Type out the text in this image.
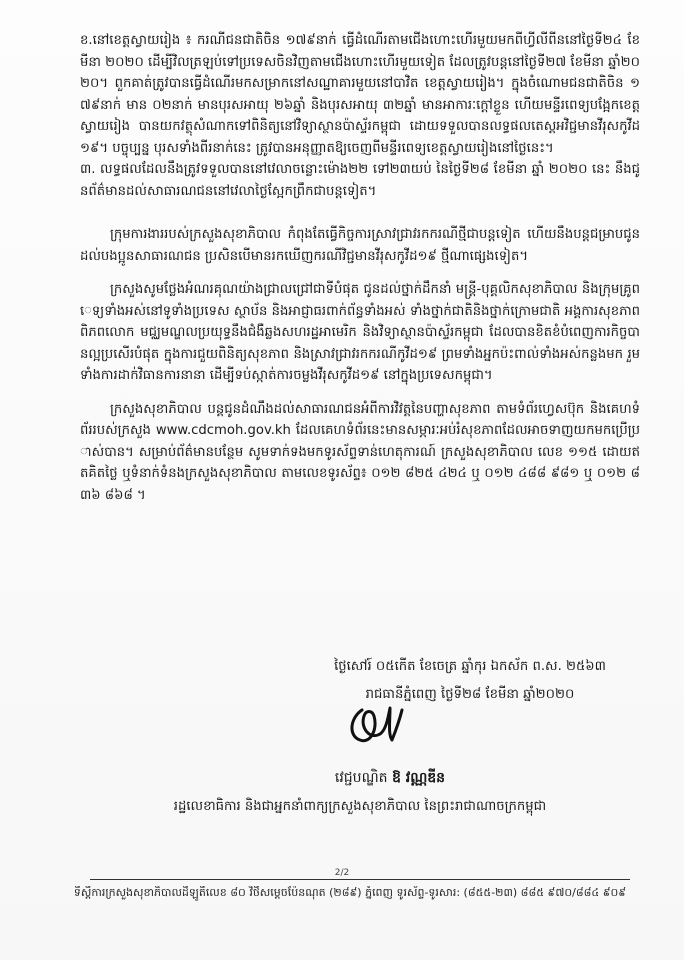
ខ.នៅខេត្តស្វាយរៀង ៖ ករណីជនជាតិចិន ១៧៩នាក់ ធ្វើដំណើរតាមជើងហោះហើរមួយមកពីហ្វីលីពីននៅថ្ងៃទី២៤ ខែមីនា ២០២០ ដើម្បីវិលត្រឡប់ទៅប្រទេសចិនវិញតាមជើងហោះហើរមួយទៀត ដែលត្រូវបន្តនៅថ្ងៃទី២៧ ខែមីនា ឆ្នាំ២០២០។ ពួកគាត់ត្រូវបានធ្វើដំណើរមកសម្រាកនៅសណ្ឋាគារមួយនៅបាវិត ខេត្តស្វាយរៀង។ ក្នុងចំណោមជនជាតិចិន ១៧៩នាក់ មាន ០២នាក់ មានបុរសអាយុ ២៦ឆ្នាំ និងបុរសអាយុ ៣២ឆ្នាំ មានអាការៈក្តៅខ្លួន ហើយមន្ទីរពេទ្យបង្អែកខេត្តស្វាយរៀង បានយកវត្ថុសំណាកទៅពិនិត្យនៅវិទ្យាស្ថានប៉ាស្ទ័រកម្ពុជា ដោយទទួលបានលទ្ធផលតេស្តអវិជ្ជមានវីរុសកូវីដ១៩។ បច្ចុប្បន្ន បុរសទាំងពីរនាក់នេះ ត្រូវបានអនុញ្ញាតឱ្យចេញពីមន្ទីរពេទ្យខេត្តស្វាយរៀងនៅថ្ងៃនេះ។

៣. លទ្ធផលដែលនឹងត្រូវទទួលបាននៅវេលាចន្លោះម៉ោង២២ ទៅ២៣យប់ នៃថ្ងៃទី២៨ ខែមីនា ឆ្នាំ ២០២០ នេះ នឹងជូនព័ត៌មានដល់សាធារណជននៅវេលាថ្ងៃស្អែកព្រឹកជាបន្តទៀត។

ក្រុមការងាររបស់ក្រសួងសុខាភិបាល កំពុងតែធ្វើកិច្ចការស្រាវជ្រាវរកករណីថ្មីជាបន្តទៀត ហើយនឹងបន្តជម្រាបជូនដល់បងប្អូនសាធារណជន ប្រសិនបើមានរកឃើញករណីវិជ្ជមានវីរុសកូវីដ១៩ ថ្មីណាផ្សេងទៀត។

ក្រសួងសូមថ្លែងអំណរគុណយ៉ាងជ្រាលជ្រៅជាទីបំផុត ជូនដល់ថ្នាក់ដឹកនាំ មន្ត្រី-បុគ្គលិកសុខាភិបាល និងក្រុមគ្រូពេទ្យទាំងអស់នៅទូទាំងប្រទេស ស្ថាប័ន និងអាជ្ញាធរពាក់ព័ន្ធទាំងអស់ ទាំងថ្នាក់ជាតិនិងថ្នាក់ក្រោមជាតិ អង្គការសុខភាពពិភពលោក មជ្ឈមណ្ឌលប្រយុទ្ធនឹងជំងឺឆ្លងសហរដ្ឋអាមេរិក និងវិទ្យាស្ថានប៉ាស្ទ័រកម្ពុជា ដែលបានខិតខំបំពេញការកិច្ចបានល្អប្រសើរបំផុត ក្នុងការជួយពិនិត្យសុខភាព និងស្រាវជ្រាវរកករណីកូវីដ១៩ ព្រមទាំងអ្នកប៉ះពាល់ទាំងអស់កន្លងមក រួមទាំងការដាក់វិធានការនានា ដើម្បីទប់ស្កាត់ការចម្លងវីរុសកូវីដ១៩ នៅក្នុងប្រទេសកម្ពុជា។

ក្រសួងសុខាភិបាល បន្តជូនដំណឹងដល់សាធារណជនអំពីការវិវត្តនៃបញ្ហាសុខភាព តាមទំព័រហ្វេសប៊ុក និងគេហទំព័ររបស់ក្រសួង www.cdcmoh.gov.kh ដែលគេហទំព័រនេះមានសម្ភារៈអប់រំសុខភាពដែលអាចទាញយកមកប្រើប្រាស់បាន។ សម្រាប់ព័ត៌មានបន្ថែម សូមទាក់ទងមកទូរស័ព្ទទាន់ហេតុការណ៍ ក្រសួងសុខាភិបាល លេខ ១១៥ ដោយឥតគិតថ្លៃ ឬទំនាក់ទំនងក្រសួងសុខាភិបាល តាមលេខទូរស័ព្ទ៖ ០១២ ៨២៥ ៤២៤ ឬ ០១២ ៤៨៨ ៩៨១ ឬ ០១២ ៨៣៦ ៨៦៨ ។

ថ្ងៃសៅរ៍ ០៥កើត ខែចេត្រ ឆ្នាំកុរ ឯកស័ក ព.ស. ២៥៦៣
រាជធានីភ្នំពេញ ថ្ងៃទី២៨ ខែមីនា ឆ្នាំ២០២០
វេជ្ជបណ្ឌិត ឱ វណ្ណឌីន
រដ្ឋលេខាធិការ និងជាអ្នកនាំពាក្យក្រសួងសុខាភិបាល នៃព្រះរាជាណាចក្រកម្ពុជា
2/2
ទីស្តីការក្រសួងសុខាភិបាលដីឡូតិ៍លេខ ៨០ វិថីសម្តេចប៉ែនណុត (២៨៩) ភ្នំពេញ ទូរស័ព្ទ-ទូរសារ: (៨៥៥-២៣) ៨៨៥ ៩៧០/៨៨៤ ៩០៩
